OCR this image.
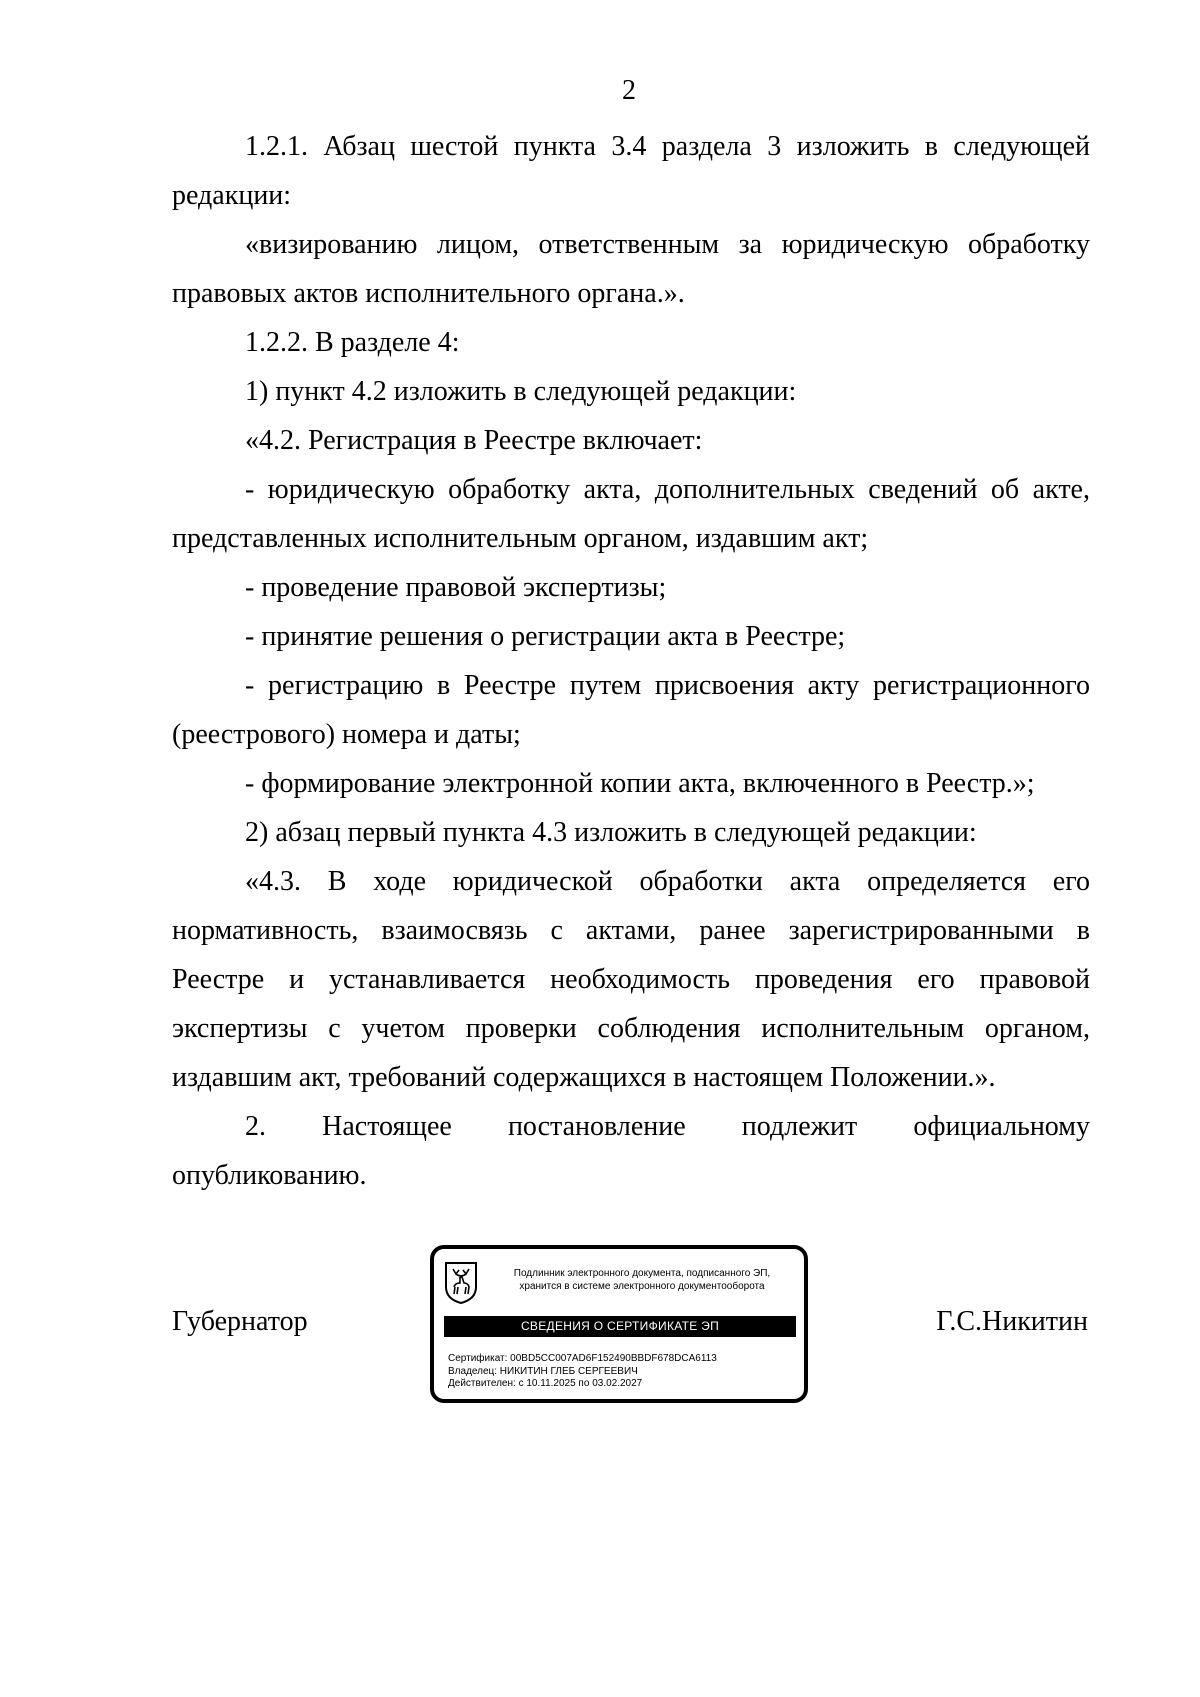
2

1.2.1. Абзац шестой пункта 3.4 раздела 3 изложить в следующей редакции:

«визированию лицом, ответственным за юридическую обработку правовых актов исполнительного органа.».

1.2.2. В разделе 4:

1) пункт 4.2 изложить в следующей редакции:

«4.2. Регистрация в Реестре включает:

- юридическую обработку акта, дополнительных сведений об акте, представленных исполнительным органом, издавшим акт;

- проведение правовой экспертизы;

- принятие решения о регистрации акта в Реестре;

- регистрацию в Реестре путем присвоения акту регистрационного (реестрового) номера и даты;

- формирование электронной копии акта, включенного в Реестр.»;

2) абзац первый пункта 4.3 изложить в следующей редакции:

«4.3. В ходе юридической обработки акта определяется его нормативность, взаимосвязь с актами, ранее зарегистрированными в Реестре и устанавливается необходимость проведения его правовой экспертизы с учетом проверки соблюдения исполнительным органом, издавшим акт, требований содержащихся в настоящем Положении.».

2. Настоящее постановление подлежит официальному опубликованию.

Губернатор
Подлинник электронного документа, подписанного ЭП,
хранится в системе электронного документооборота
СВЕДЕНИЯ О СЕРТИФИКАТЕ ЭП
Сертификат: 00BD5CC007AD6F152490BBDF678DCA6113
Владелец: НИКИТИН ГЛЕБ СЕРГЕЕВИЧ
Действителен: с 10.11.2025 по 03.02.2027
Г.С.Никитин
